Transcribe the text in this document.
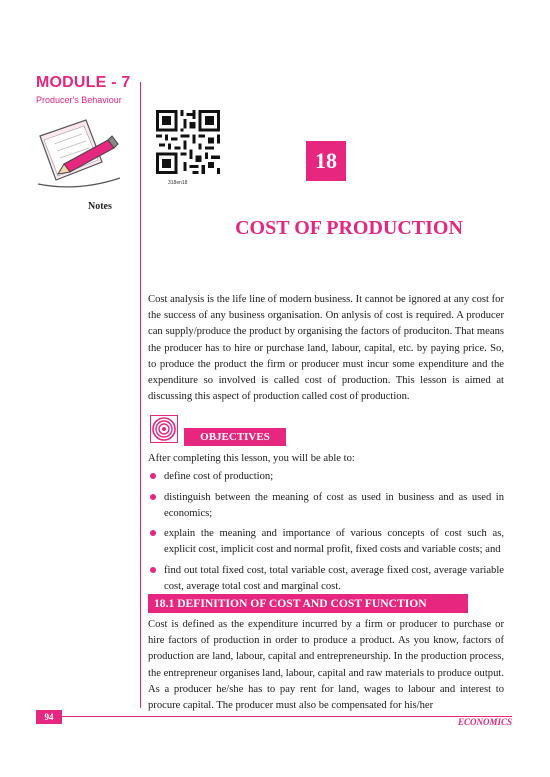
MODULE - 7
Producer's Behaviour
Notes
318en18
18
COST OF PRODUCTION
Cost analysis is the life line of modern business. It cannot be ignored at any cost for the success of any business organisation. On anlysis of cost is required. A producer can supply/produce the product by organising the factors of produciton. That means the producer has to hire or purchase land, labour, capital, etc. by paying price. So, to produce the product the firm or producer must incur some expenditure and the expenditure so involved is called cost of production. This lesson is aimed at discussing this aspect of production called cost of production.
OBJECTIVES
After completing this lesson, you will be able to:
define cost of production;
distinguish between the meaning of cost as used in business and as used in economics;
explain the meaning and importance of various concepts of cost such as, explicit cost, implicit cost and normal profit, fixed costs and variable costs; and
find out total fixed cost, total variable cost, average fixed cost, average variable cost, average total cost and marginal cost.
18.1 DEFINITION OF COST AND COST FUNCTION
Cost is defined as the expenditure incurred by a firm or producer to purchase or hire factors of production in order to produce a product. As you know, factors of production are land, labour, capital and entrepreneurship. In the production process, the entrepreneur organises land, labour, capital and raw materials to produce output. As a producer he/she has to pay rent for land, wages to labour and interest to procure capital. The producer must also be compensated for his/her
94	ECONOMICS
